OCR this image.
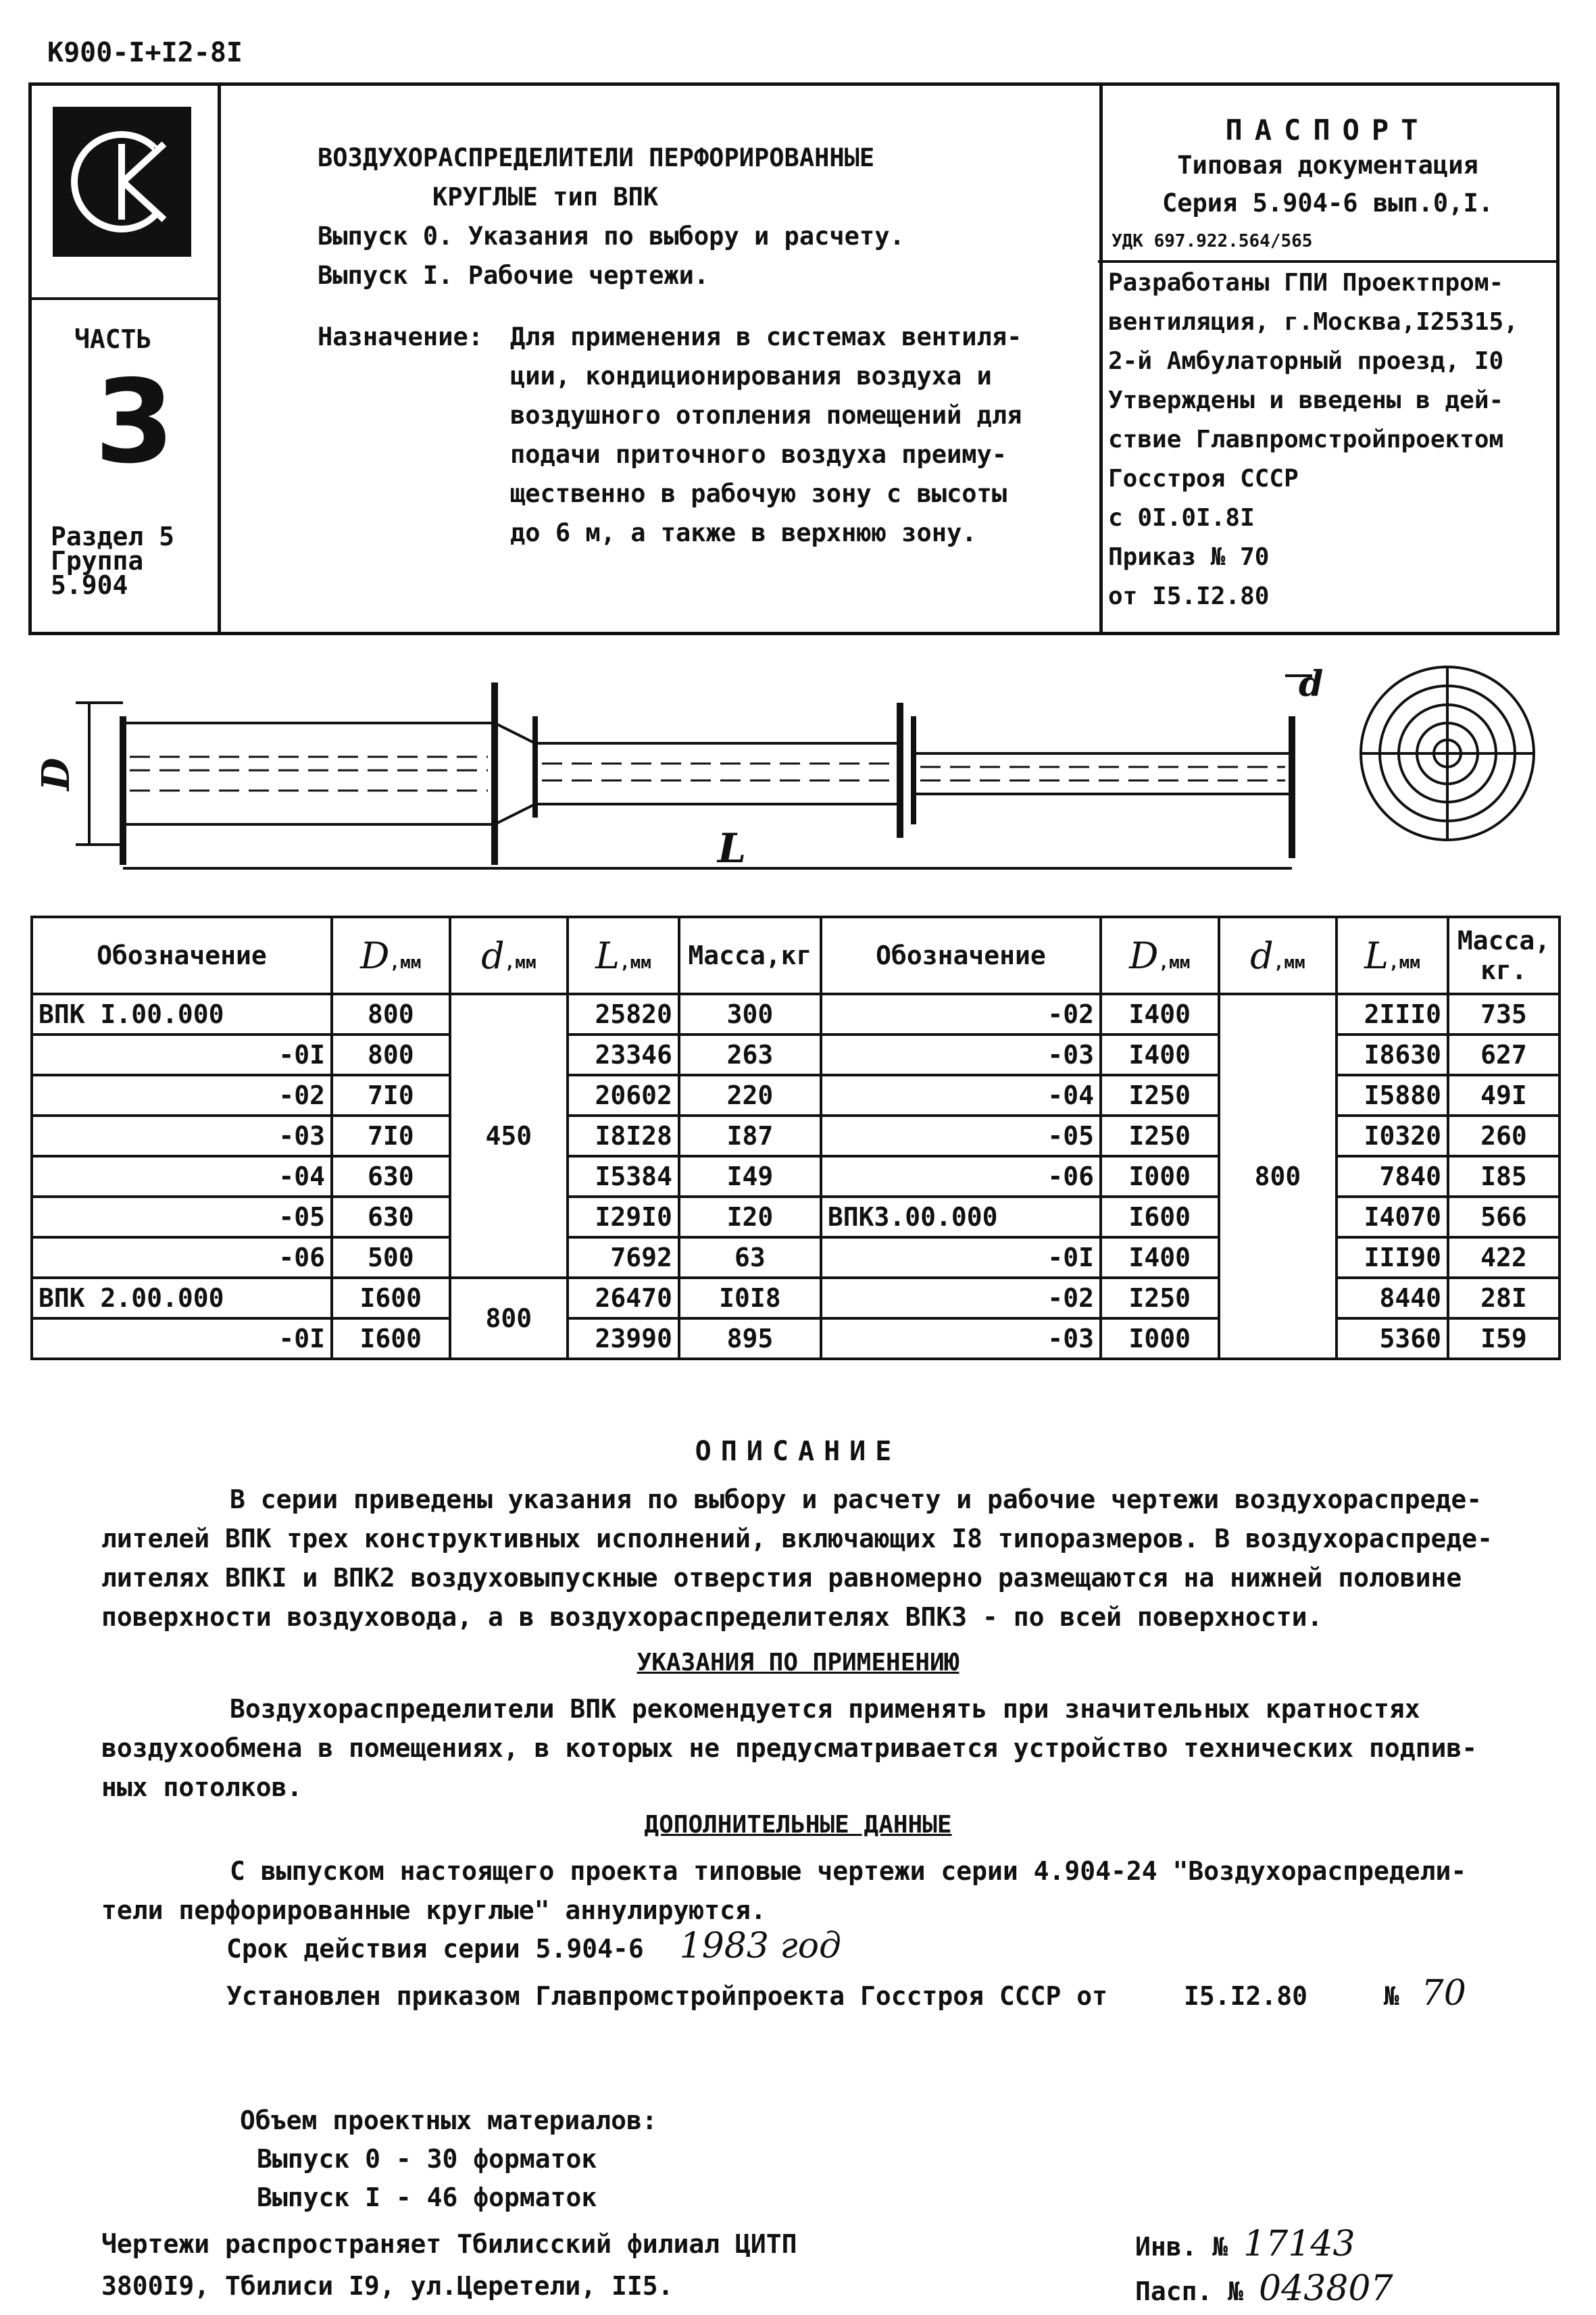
К900-I+I2-8I
ЧАСТЬ
3
Раздел 5
Группа
5.904
ВОЗДУХОРАСПРЕДЕЛИТЕЛИ ПЕРФОРИРОВАННЫЕ
КРУГЛЫЕ тип ВПК
Выпуск 0. Указания по выбору и расчету.
Выпуск I. Рабочие чертежи.
Назначение: Для применения в системах вентиля-
ции, кондиционирования воздуха и
воздушного отопления помещений для
подачи приточного воздуха преиму-
щественно в рабочую зону с высоты
до 6 м, а также в верхнюю зону.
ПАСПОРТ
Типовая документация
Серия 5.904-6 вып.0,I.
УДК 697.922.564/565
Разработаны ГПИ Проектпром-
вентиляция, г.Москва,I25315,
2-й Амбулаторный проезд, I0
Утверждены и введены в дей-
ствие Главпромстройпроектом
Госстроя СССР
с 0I.0I.8I
Приказ № 70
от I5.I2.80
D
L
d
Обозначение	D,мм	d,мм	L,мм	Масса,кг	Обозначение	D,мм	d,мм	L,мм	Масса,
кг.

ВПК I.00.000	800	450	25820	300	-02	I400	800	2III0	735
-0I	800		23346	263	-03	I400		I8630	627
-02	7I0		20602	220	-04	I250		I5880	49I
-03	7I0		I8I28	I87	-05	I250		I0320	260
-04	630		I5384	I49	-06	I000		7840	I85
-05	630		I29I0	I20	ВПК3.00.000	I600		I4070	566
-06	500		7692	63	-0I	I400		III90	422
ВПК 2.00.000	I600	800	26470	I0I8	-02	I250		8440	28I
-0I	I600		23990	895	-03	I000		5360	I59
ОПИСАНИЕ
В серии приведены указания по выбору и расчету и рабочие чертежи воздухораспреде-
лителей ВПК трех конструктивных исполнений, включающих I8 типоразмеров. В воздухораспреде-
лителях ВПКI и ВПК2 воздуховыпускные отверстия равномерно размещаются на нижней половине
поверхности воздуховода, а в воздухораспределителях ВПК3 - по всей поверхности.
УКАЗАНИЯ ПО ПРИМЕНЕНИЮ
Воздухораспределители ВПК рекомендуется применять при значительных кратностях
воздухообмена в помещениях, в которых не предусматривается устройство технических подпив-
ных потолков.
ДОПОЛНИТЕЛЬНЫЕ ДАННЫЕ
С выпуском настоящего проекта типовые чертежи серии 4.904-24 "Воздухораспредели-
тели перфорированные круглые" аннулируются.
Срок действия серии 5.904-6 1983 год
Установлен приказом Главпромстройпроекта Госстроя СССР от	I5.I2.80	№ 70
Объем проектных материалов:
Выпуск 0 - 30 форматок
Выпуск I - 46 форматок
Чертежи распространяет Тбилисский филиал ЦИТП
3800I9, Тбилиси I9, ул.Церетели, II5.
Инв. № 17143
Пасп. № 043807
